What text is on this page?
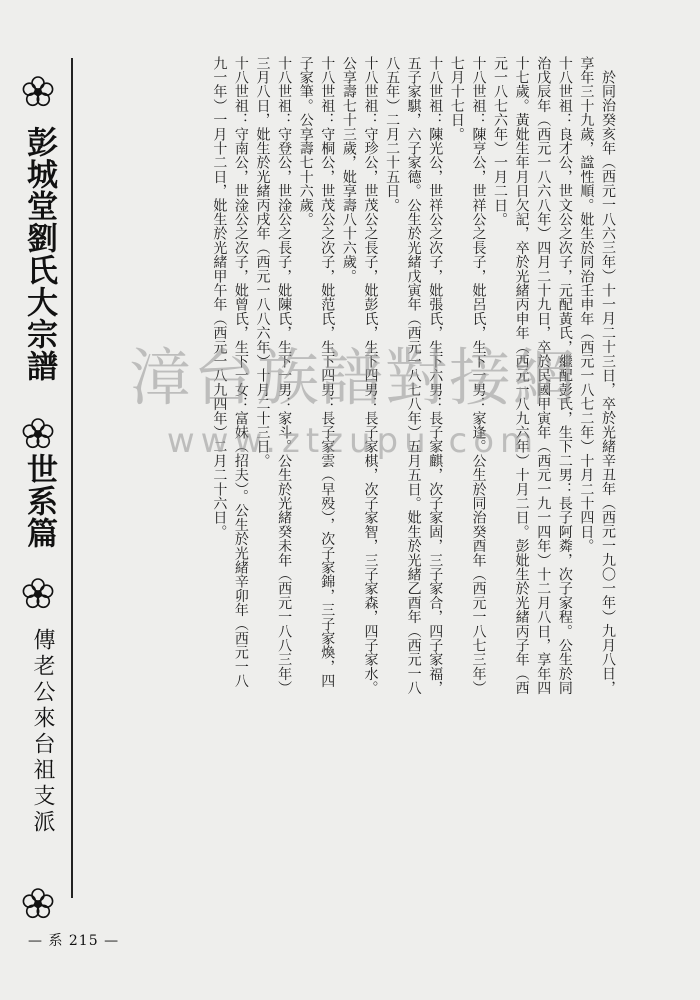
彭城堂劉氏大宗譜
世系篇
傳老公來台祖支派
— 系 215 —

於同治癸亥年（西元一八六三年）十一月二十三日，卒於光緒辛丑年（西元一九〇一年）九月八日，享年三十九歲，諡性順。妣生於同治壬申年（西元一八七二年）十月二十四日。

十八世祖：良才公，世文公之次子，元配黃氏，繼配彭氏，生下二男：長子阿粦，次子家程。公生於同治戊辰年（西元一八六八年）四月二十九日，卒於民國甲寅年（西元一九一四年）十二月八日，享年四十七歲。黃妣生年月日欠記，卒於光緒丙申年（西元一八九六年）十月二日。彭妣生於光緒丙子年（西元一八七六年）一月二日。

十八世祖：陳亨公，世祥公之長子，妣呂氏，生下一男：家逢。公生於同治癸酉年（西元一八七三年）七月十七日。

十八世祖：陳光公，世祥公之次子，妣張氏，生下六男：長子家麒，次子家固，三子家合，四子家福，五子家騏，六子家德。公生於光緒戊寅年（西元一八七八年）五月五日。妣生於光緒乙酉年（西元一八八五年）二月二十五日。

十八世祖：守珍公，世茂公之長子，妣彭氏，生下四男：長子家棋，次子家智，三子家森，四子家水。公享壽七十三歲，妣享壽八十六歲。

十八世祖：守桐公，世茂公之次子，妣范氏，生下四男：長子家雲（早殁），次子家錦，三子家煥，四子家筆。公享壽七十六歲。

十八世祖：守登公，世淦公之長子，妣陳氏，生下一男：家斗。公生於光緒癸未年（西元一八八三年）三月八日，妣生於光緒丙戌年（西元一八八六年）十月二十三日。

十八世祖：守南公，世淦公之次子，妣曾氏，生下一女：富妹（招夫）。公生於光緒辛卯年（西元一八九一年）一月十二日，妣生於光緒甲午年（西元一八九四年）二月二十六日。

漳台族譜對接網
www.ztzupu.com
